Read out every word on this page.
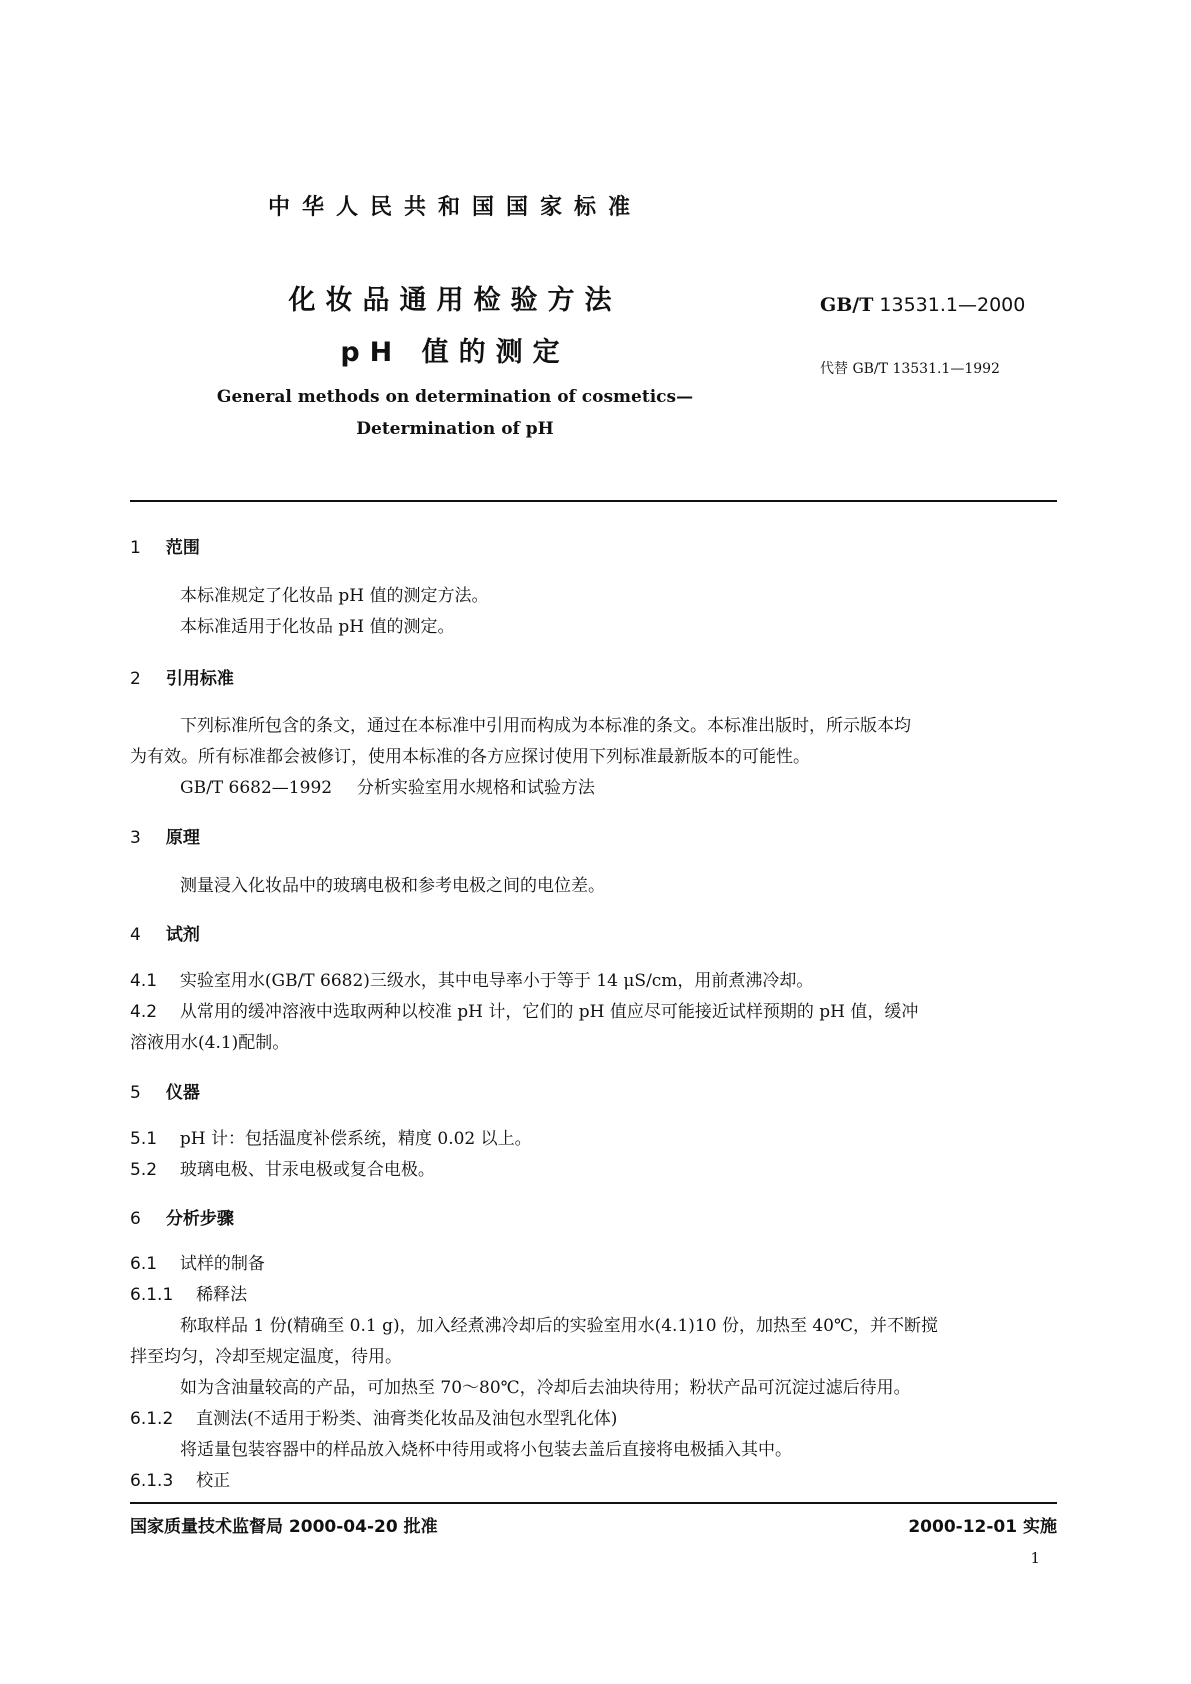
中华人民共和国国家标准
化妆品通用检验方法
pH 值的测定
General methods on determination of cosmetics—
Determination of pH
GB/T 13531.1—2000
代替 GB/T 13531.1—1992
1 范围
本标准规定了化妆品 pH 值的测定方法。
本标准适用于化妆品 pH 值的测定。
2 引用标准
下列标准所包含的条文，通过在本标准中引用而构成为本标准的条文。本标准出版时，所示版本均
为有效。所有标准都会被修订，使用本标准的各方应探讨使用下列标准最新版本的可能性。
GB/T 6682—1992 分析实验室用水规格和试验方法
3 原理
测量浸入化妆品中的玻璃电极和参考电极之间的电位差。
4 试剂
4.1 实验室用水(GB/T 6682)三级水，其中电导率小于等于 14 μS/cm，用前煮沸冷却。
4.2 从常用的缓冲溶液中选取两种以校准 pH 计，它们的 pH 值应尽可能接近试样预期的 pH 值，缓冲
溶液用水(4.1)配制。
5 仪器
5.1 pH 计：包括温度补偿系统，精度 0.02 以上。
5.2 玻璃电极、甘汞电极或复合电极。
6 分析步骤
6.1 试样的制备
6.1.1 稀释法
称取样品 1 份(精确至 0.1 g)，加入经煮沸冷却后的实验室用水(4.1)10 份，加热至 40℃，并不断搅
拌至均匀，冷却至规定温度，待用。
如为含油量较高的产品，可加热至 70～80℃，冷却后去油块待用；粉状产品可沉淀过滤后待用。
6.1.2 直测法(不适用于粉类、油膏类化妆品及油包水型乳化体)
将适量包装容器中的样品放入烧杯中待用或将小包装去盖后直接将电极插入其中。
6.1.3 校正
国家质量技术监督局 2000-04-20 批准	2000-12-01 实施
1
